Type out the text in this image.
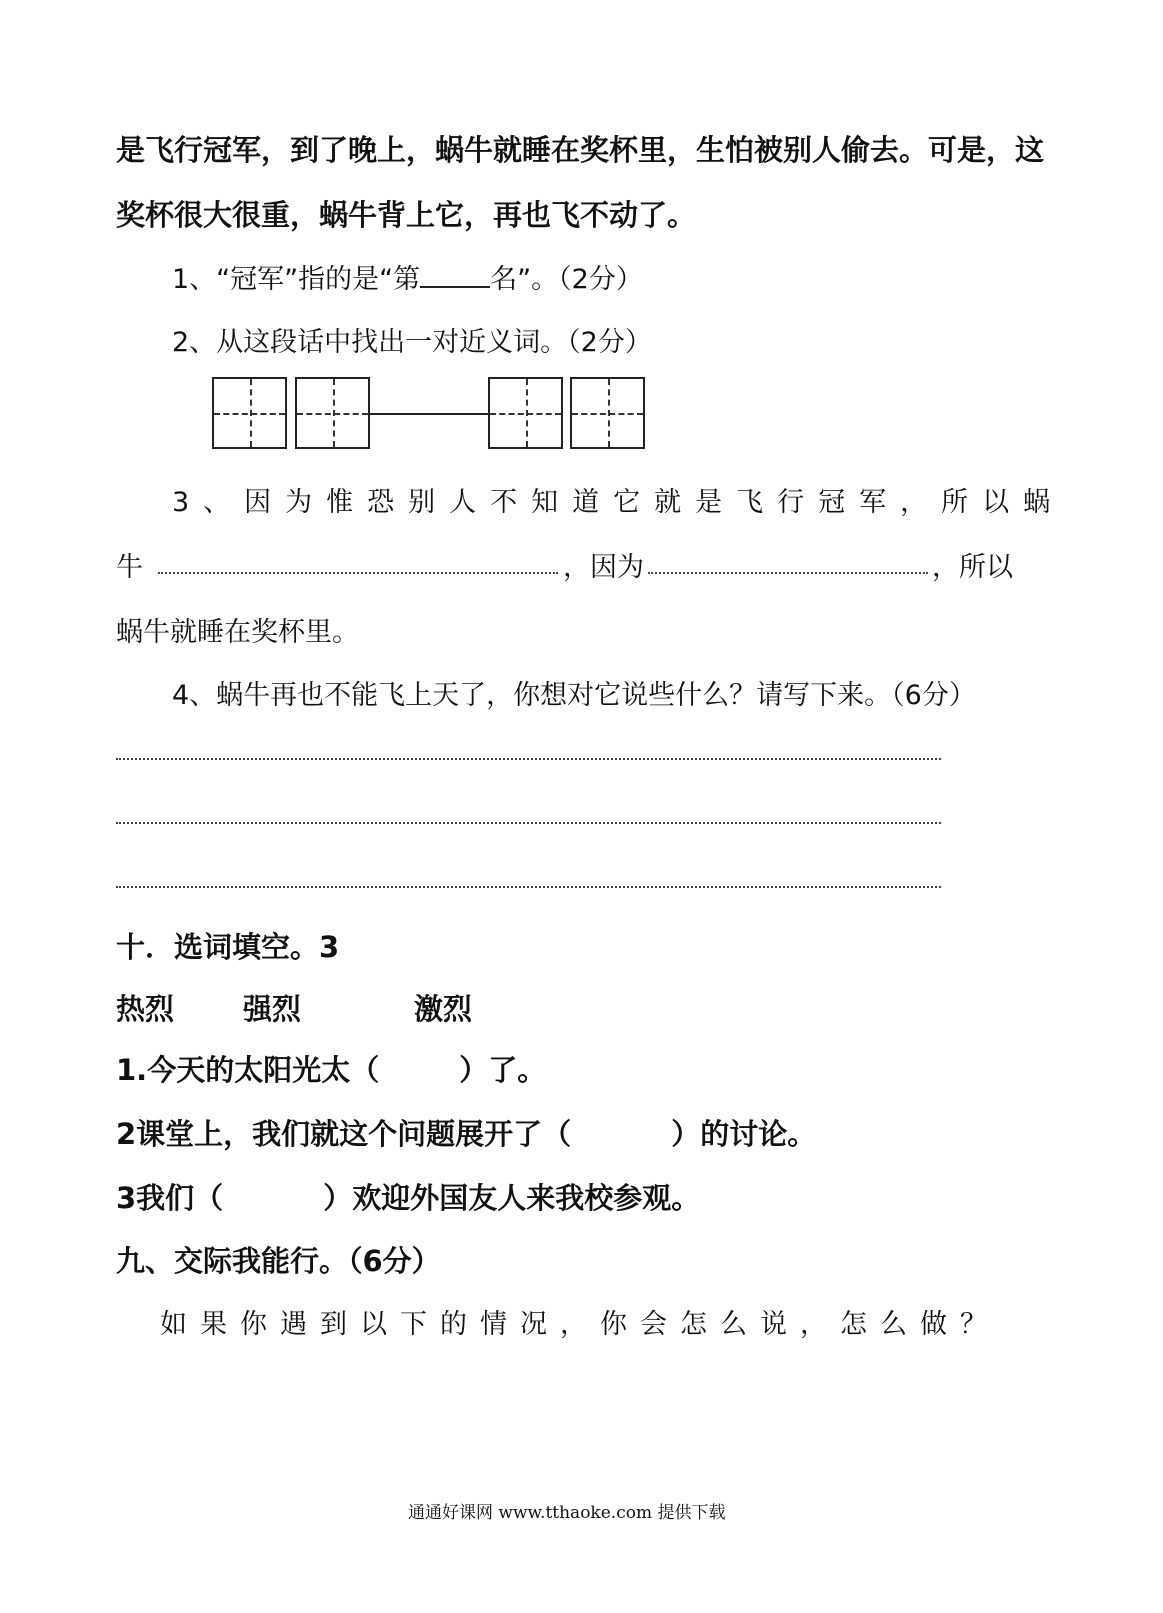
是飞行冠军，到了晚上，蜗牛就睡在奖杯里，生怕被别人偷去。可是，这
奖杯很大很重，蜗牛背上它，再也飞不动了。
1、“冠军”指的是“第	名”。（2分）
2、从这段话中找出一对近义词。（2分）
3、因为惟恐别人不知道它就是飞行冠军，所以蜗
牛	，因为	，所以
蜗牛就睡在奖杯里。
4、蜗牛再也不能飞上天了，你想对它说些什么？请写下来。（6分）
十．选词填空。3
热烈 强烈	激烈
1.今天的太阳光太（	）了。
2课堂上，我们就这个问题展开了（	）的讨论。
3我们（	）欢迎外国友人来我校参观。
九、交际我能行。（6分）
如果你遇到以下的情况，你会怎么说，怎么做？
通通好课网 www.tthaoke.com 提供下载
